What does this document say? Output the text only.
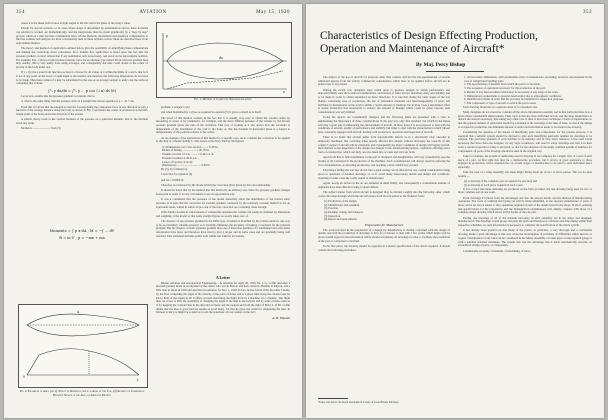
354	AVIATION	May 15, 1920

where h is the mean vertical area at right angles to the flat and in the plane of the wing a value.

Except for special sections, or in cases where shape is determined by mathematical curves, these formulas can seldom be worked out mathematically, and the integrations must be made graphically by a "step by step" process which as a rule involves considerable labor. Of the methods, mechanical and graphical computations to find the ordinate and analysis are most conveniently used in these airplane curves; these are described here in an approximate manner.

The theory and method of application outlined below give the possibility of simplifying these computations and making the corrections more convenient. Prof. Zahm's first application is based upon the fact that the pressure gradient, in most remote that if any summation only is necessary, and about as the approximate position. For example, Fig. 1 shows a typical plane pressure curve for an airplane type tunnel. From what the gradient here may usually, this is very easily done using averages, and consequently the time could obtain at the center of gravity of the body under test.

If y = f(x) be a point from function we have to choose for all values of x within the limits of a and b, that is, it is not at any point on the lower or right angle to the normal, and therefore the following integrations do not have to be made. Thus these values of x may be substituted for the area as an average tangent to unity over the surfaces containing this volume.

∫ᵇₐ y dx/dx = ∫ᵇₐ y ... p cos (∠n) ds (6)

Let us now assume that the pressure gradient is constant, that is,

or what is the same thing, that the pressure curve is a straight line whose equation is p = −m + ma.

From this it follows that the integral so that the corresponding the component force in any direction is only a function of the average distance along the body as shown in Fig. 2 and hence the center of pressure is at the half-length point of the body and in the direction of the stream.

A similar theory leads to the vertical moment of the pressure on a particular element, that is, the moment about any point.

Moments ..................... = from (3)

A
0
L
Fig. 2. Examples of Area (or 1). Effect of Redesign, Such as Area in the Tail. (2) Results of Comparison Between Shapes as the Area of Airplane Models
dx
p
x
Fig. 1. Method of Computing Pressure Gradient

gradient, a tangent to (6)

and when multiplied by x gives as required in equation (5) it gives as much as in itself.

The proof of this method consists in the fact that it is usually very easy to obtain the volume, either by measuring in water or by planimetry, for example, and the more difficult pressure of the volume by the known pressure gradient given the ratio of the curvature. This way of looking at it also shows how the curvature is independent of the attachment of the wall to the body, so that the moment in horizontal plane is a forged to independently of the position relative to the center.

As an example of the application of this method to a specific case, let us consider the correction to be applied to the drag of a model airship C-class tested at the Navy Yard by the figures:

(1) Dimensions over close section .......= 0.38 in.

Radius of fairing ................... = 20.78 in.

Volume over the 1/12 in. ........ = 0.443 cu. ft.

Pressure Gradient at 40 m.p.h. ..

Center of Gravity of body:

(Resistance) ............................. ... 0.00 lb.

By (3), by formula (5),

Correction for equation (6)

and for = 0.0000 lb.

Therefore as evaluated by Mr. Rosin (1919) the correction (6) is given by this one relationship.

It should be noted that by the method that this method is an arbitrary one. Since the pressure gradient changes from point to point, it is very convenient to use an approximate way.

It was a considered that the presence of the model materially alters the distribution of the normal static pressure. It is seen that the correction for variable gradient computed by the relatively constant method is not an equivalent result, within in which 20 per cent of the true correction are constantly clean enough.

With Zahm's models in wind tunnels of comparable airplanes the volume can easily be obtained by immersion and weighing of the model so that some straight figures are easily taken care of.

The absence of any pressure gradient in the Eiffel type of tunnel as modified by the Curtiss tunnel is one way to be an extremely valuable property as it certainly eliminates the necessity of making corrections for the pressure gradient. But the absence of static pressure gradient thus one of these fine qualities of a windtunnel and even many laboratories have been, and therefore have tried to give a proper and in some cases and are gradually being well attached. This statement includes points both within and with the air tunnels.

A Letter

Rhode, Aviation and Aeronautical Engineering.—In Aviation for April 28, 1920, Dr. J. G. Coffin describes a pleasant journey made in an airplane by the author who was in Boston and then carried to Buffalo at Dayton, and a little later at about in 1918 and described in Aviation for Nov. 1, 1918. In fact, he has found 1919, the same 5 items, by the first, comparing the angle of the velocity at the point of thrust and at a given time along the chosen route he said a little of that again in Dr. Coffin's account describing the flight from its a machine on a schedule. The flight then, he wrote, is after the possibility of changing the angle of the ship to the bottom, and by some of these rules as if for keeping the constant line in the direction in these and the nearest and from the right of Bold. L. If Dr. Coffin thinks that the idea is good then he speaks as good many. I'd, that he gives me credit for originating the idea. In fairness to me you might be so kind as to add the statement of your readers in the fact:

A. H. Mussell
Moments = ∫ p x dA ; M = −∫ ... dV
R = m V ; p = −mx + ma
353
Characteristics of Design Effecting Production, Operation and Maintenance of Aircraft*
By Maj. Percy Bishop

The subject of the use of aircraft for purposes other than warfare will involve the appraisement of several additional aspects from the strictly commercial consideration which have to be applied before aircraft are in general use to any extent.

During the recent war, designers were called upon to produce designs in which performance and manoeuvrability were the foremost considerations, and matters of other factors, including safety and stability, had to be made in order to obtain supremacy in these directions. It is true that during the latter stages of the war matters concerning ease of production, the use of alternative materials and interchangeability of parts, and facilities for maintenance of the service within a certain amount of attention, but in most cases a determined effort at sound production had necessarily to endure; the amount of thought which could be given towards such considerations was very limited.

Today the aspects are considerably changed, and the following items are presented with a view to emphasizing the importance of these considerations in the past war, only fine standard, but which in the future will play a great part in influencing the advancement of aircraft. In these notes it is not proposed to deal with the conditions of aircraft, quality of performance and stability, but rather to deal with the characteristics which (those) have constantly engaged with aircraft, dealing with production, operation and inspection of aircraft.

There is no doubt that aircraft suffer from unpredictable defects as in a structurally crisp outcome in temporary machines, this occurring when greatly affected into design, without obviously the capacity of this country's output of aircraft will be expanded, and consequently the direct conditions of design will largely prevail. Such matters as the inspection of the design and designs in the manufacturing sphere, conditions affecting every form of construction, which certainly, are also taken into account and sold out from.

Apart from this, it falls nonetheless on the part of designers and draughtsmen, will very considerably ease the burden of all concerned in the production of the machine. Such considerations will always result in reducing the cost of manufacture, accelerating production, and reaching a more satisfactory product.

Experience during the war has shown that a great saving can be effected by any careful consideration being given to questions of detailed drawings, so as to avoid many unnecessary details and design and conditions, requiring in some cases the costly output of manufacture.

Again, nearly all factors in the air are elements in mind firmly, and consequently a considerable number of engineers have been directed owing to detail defects.

The subject matter from which aircraft is designed may be divided roughly into the following order, which covers the range through which the aircraft passes from its conception to the 'finished' form:

(1) Production of the design.

(2) Manufacture and assembly.

(3) Erection.

(4) Packing, crating and transport.

(5) Inspection.

(6) Repair and replacements.

Preparation for Manufacture

The work involved in the preparation of a design for manufacture is chiefly concerned with the design of details, and with the production of drawings. It may be of interest to deal with a few points which might well be given careful regard in the information which should accompany all drawings in order to facilitate the production of the part or component concerned.

In the first place, the drawing should be regarded as a master specification of the article required. It should contain the following particulars:

*Paper read before the Royal Aeronautical Society of Great Britain, February.

1. All necessary dimensions, with permissible errors in manufacture, including, however, development in the case of complicated bending parts.

2. The specification of material from which the part is to be made.

3. The sequence of operations necessary for the production of the part.

4. Details of any heat-treatment which may be necessary at any stage of the work.

5. Dimensional requirements to prevent deterioration due to atmospheric conditions.

6. Identification marks in order that the part may be identified for inspection purposes.

7. The component or type of aircraft on which the part is used.

Each drawing should be on a separate sheet of a convenient size.

Many designers do not even now consider all the above information essential, and in this particular there is to a great extent considerable improvement. Their view is that the shop staff must be left, and the shop should have to deduce the answers necessary, this taking very often a lot of time to turn every technique, a form of organization, so that the greatest number of particulars should be contained in the drawings at the time of issue, so that if the design is accepted in production, the minimum amount of doubt and information needs to be made in the drawing.

Considering the question of the means of identifying parts and components, for the present purpose, it is essential that a suitable system should be devised to give each identifying particular number for drawings to be adopted. The particular problem of each machine is an industry, and in very many instances it has been found necessary that more than one designer, in very large workshops, will need to adopt drawings and find it in their work a certain proportion of duty is involved, so that for the adoption of one single common system of numbers for components, all parts of the drawings should be used in the original way.

Take for example, the system of numbering used in drawing in our company for a single style of a part of each piece of a part. At first sight this may be a cumbersome procedure, but it proves of great assistance to those engaged in production, where attention has on certain stages of manufacture to be paid to such individual piece especially.

Take the case of a wing assembly; the sheet might fitting made up of two or more pieces. This we do each require —

(a) A drawing of the complete part as required for erection; and

(b) A drawing of each piece required in such a part.

If it is correct that these drawings are produced on the form provided, the one drawing being used for two or more complete sets in one work.

From drawings it follows from the advantages and also the several details and the method of manufacturing operations. The work of ordering and laying out will be made simplified, as the separate manufacture of parts or more can be set out on sheets or lists, quantities required of each of the details noted in the shops. In short, ordering and specifications for the preparation and the mathematical examinations will, simply compare with those of a complete single drawing which shows all the details of the one part.

Further, the drawings of all of the material necessary in such assembly are in the shape and designed, manufactured. The drawings would group and pack the parts and therefore no material and time taking within their respective schedules, no such information is necessary to complete the specification of the whole system.

It has already been pointed out that many of the points, in particular, a very thorough and a worthwhile drawing, make a great advantage in this way when the investigation of problems of difficulties which involve or require consideration of any kind can be considered in the limits. Assembly can take place on the required gauge or with a suitable standard machines. The system also has the advantage that it tends automatically towards, an economical design of parts, or components.

Considerable economy of material, of machining, of labor,
